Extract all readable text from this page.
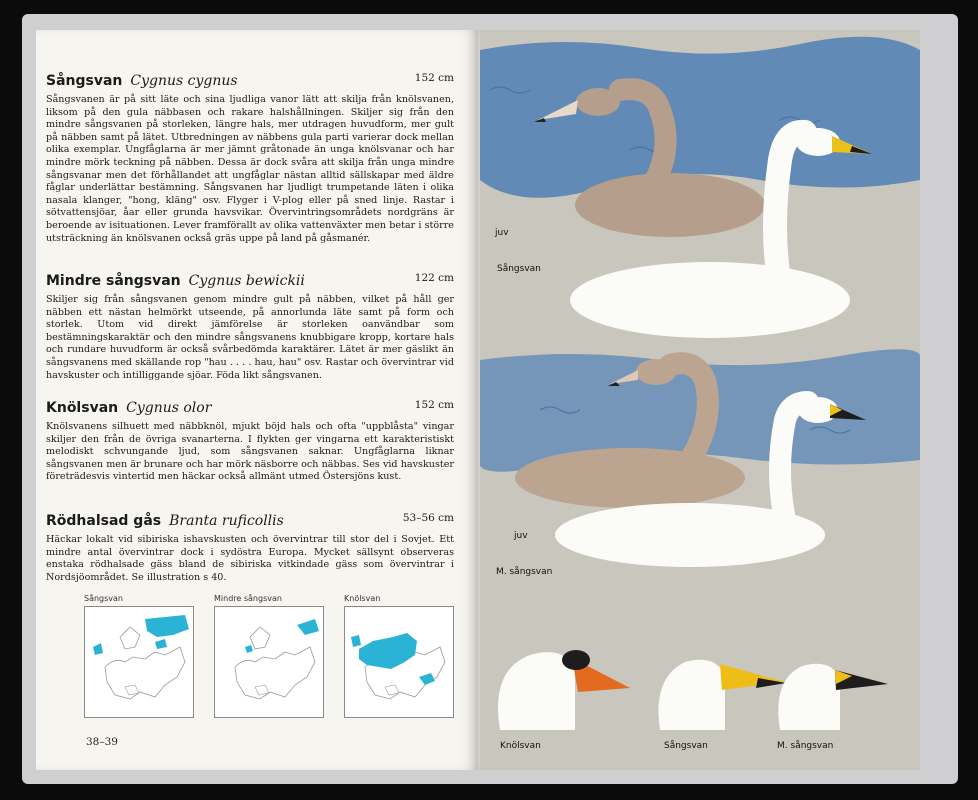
Sångsvan Cygnus cygnus	152 cm

Sångsvanen är på sitt läte och sina ljudliga vanor lätt att skilja från knölsvanen, liksom på den gula näbbasen och rakare halshållningen. Skiljer sig från den mindre sångsvanen på storleken, längre hals, mer utdragen huvudform, mer gult på näbben samt på lätet. Utbredningen av näbbens gula parti varierar dock mellan olika exemplar. Ungfåglarna är mer jämnt gråtonade än unga knölsvanar och har mindre mörk teckning på näbben. Dessa är dock svåra att skilja från unga mindre sångsvanar men det förhållandet att ungfåglar nästan alltid sällskapar med äldre fåglar underlättar bestämning. Sångsvanen har ljudligt trumpetande läten i olika nasala klanger, "hong, kläng" osv. Flyger i V-plog eller på sned linje. Rastar i sötvattensjöar, åar eller grunda havsvikar. Övervintringsområdets nordgräns är beroende av isituationen. Lever framförallt av olika vattenväxter men betar i större utsträckning än knölsvanen också gräs uppe på land på gåsmanér.

Mindre sångsvan Cygnus bewickii	122 cm

Skiljer sig från sångsvanen genom mindre gult på näbben, vilket på håll ger näbben ett nästan helmörkt utseende, på annorlunda läte samt på form och storlek. Utom vid direkt jämförelse är storleken oanvändbar som bestämningskaraktär och den mindre sångsvanens knubbigare kropp, kortare hals och rundare huvudform är också svårbedömda karaktärer. Lätet är mer gäslikt än sångsvanens med skällande rop "hau . . . . hau, hau" osv. Rastar och övervintrar vid havskuster och intilliggande sjöar. Föda likt sångsvanen.

Knölsvan Cygnus olor	152 cm

Knölsvanens silhuett med näbbknöl, mjukt böjd hals och ofta "uppblåsta" vingar skiljer den från de övriga svanarterna. I flykten ger vingarna ett karakteristiskt melodiskt schvungande ljud, som sångsvanen saknar. Ungfåglarna liknar sångsvanen men är brunare och har mörk näsborre och näbbas. Ses vid havskuster företrädesvis vintertid men häckar också allmänt utmed Östersjöns kust.

Rödhalsad gås Branta ruficollis	53–56 cm

Häckar lokalt vid sibiriska ishavskusten och övervintrar till stor del i Sovjet. Ett mindre antal övervintrar dock i sydöstra Europa. Mycket sällsynt observeras enstaka rödhalsade gäss bland de sibiriska vitkindade gäss som övervintrar i Nordsjöområdet. Se illustration s 40.

Sångsvan	Mindre sångsvan	Knölsvan
38–39
juv
Sångsvan
juv
M. sångsvan
Knölsvan	Sångsvan	M. sångsvan
